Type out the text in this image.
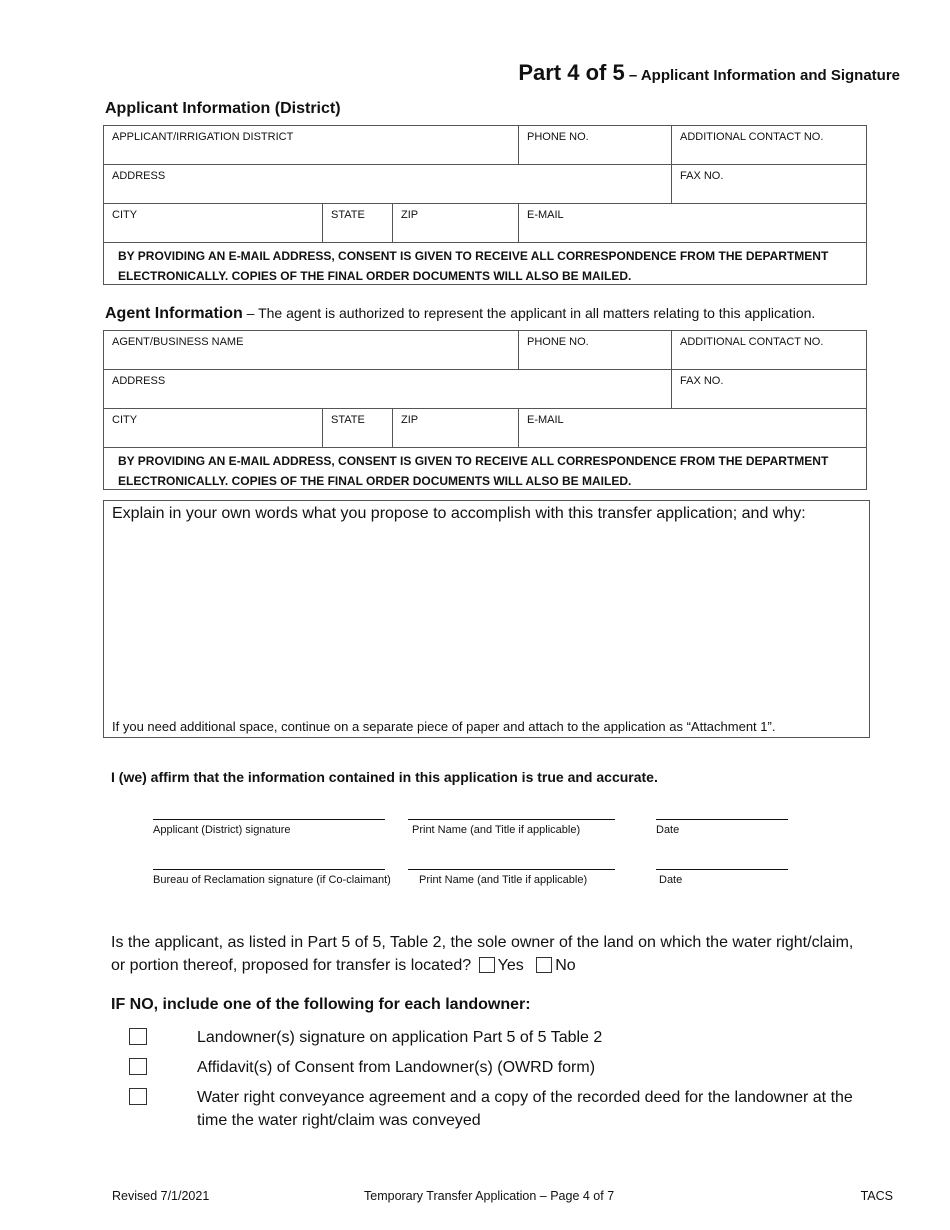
Part 4 of 5 – Applicant Information and Signature
Applicant Information (District)
APPLICANT/IRRIGATION DISTRICT	PHONE NO.	ADDITIONAL CONTACT NO.
ADDRESS	FAX NO.
CITY	STATE	ZIP	E-MAIL
BY PROVIDING AN E-MAIL ADDRESS, CONSENT IS GIVEN TO RECEIVE ALL CORRESPONDENCE FROM THE DEPARTMENT
ELECTRONICALLY. COPIES OF THE FINAL ORDER DOCUMENTS WILL ALSO BE MAILED.
Agent Information – The agent is authorized to represent the applicant in all matters relating to this application.
AGENT/BUSINESS NAME	PHONE NO.	ADDITIONAL CONTACT NO.
ADDRESS	FAX NO.
CITY	STATE	ZIP	E-MAIL
BY PROVIDING AN E-MAIL ADDRESS, CONSENT IS GIVEN TO RECEIVE ALL CORRESPONDENCE FROM THE DEPARTMENT
ELECTRONICALLY. COPIES OF THE FINAL ORDER DOCUMENTS WILL ALSO BE MAILED.
Explain in your own words what you propose to accomplish with this transfer application; and why:
If you need additional space, continue on a separate piece of paper and attach to the application as “Attachment 1”.
I (we) affirm that the information contained in this application is true and accurate.
Applicant (District) signature	Print Name (and Title if applicable)	Date
Bureau of Reclamation signature (if Co-claimant)	Print Name (and Title if applicable)	Date
Is the applicant, as listed in Part 5 of 5, Table 2, the sole owner of the land on which the water right/claim, or portion thereof, proposed for transfer is located? Yes No
IF NO, include one of the following for each landowner:
Landowner(s) signature on application Part 5 of 5 Table 2
Affidavit(s) of Consent from Landowner(s) (OWRD form)
Water right conveyance agreement and a copy of the recorded deed for the landowner at the time the water right/claim was conveyed
Revised 7/1/2021	Temporary Transfer Application – Page 4 of 7	TACS
